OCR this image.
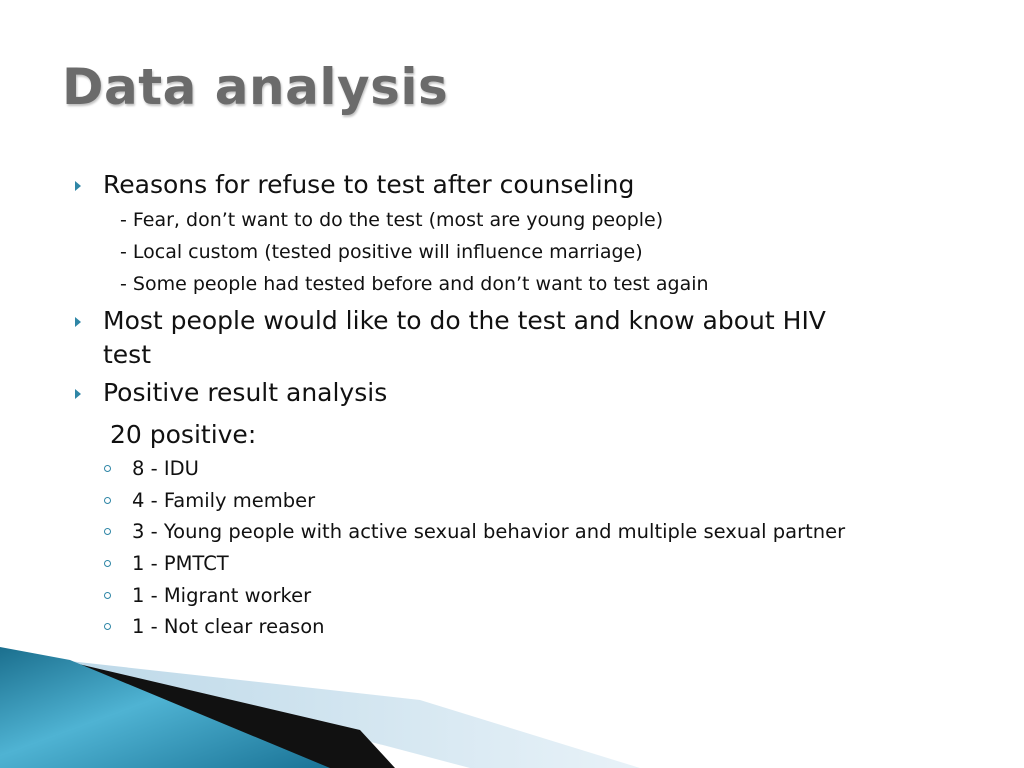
Data analysis
Reasons for refuse to test after counseling
- Fear, don’t want to do the test (most are young people)
- Local custom (tested positive will influence marriage)
- Some people had tested before and don’t want to test again
Most people would like to do the test and know about HIV
test
Positive result analysis
20 positive:
8 - IDU
4 - Family member
3 - Young people with active sexual behavior and multiple sexual partner
1 - PMTCT
1 - Migrant worker
1 - Not clear reason
